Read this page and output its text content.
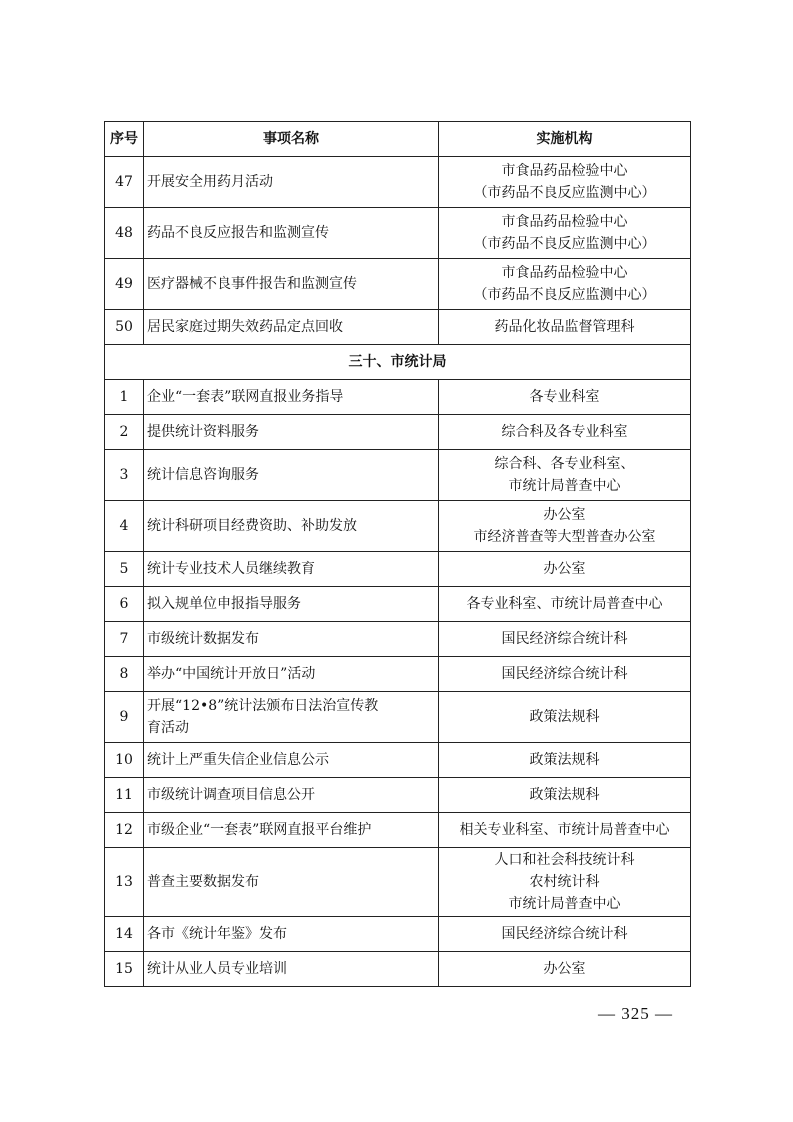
序号	事项名称	实施机构
47	开展安全用药月活动	市食品药品检验中心
（市药品不良反应监测中心）

48	药品不良反应报告和监测宣传	市食品药品检验中心
（市药品不良反应监测中心）

49	医疗器械不良事件报告和监测宣传	市食品药品检验中心
（市药品不良反应监测中心）

50	居民家庭过期失效药品定点回收	药品化妆品监督管理科

三十、市统计局		
1	企业“一套表”联网直报业务指导	各专业科室

2	提供统计资料服务	综合科及各专业科室

3	统计信息咨询服务	综合科、各专业科室、
市统计局普查中心

4	统计科研项目经费资助、补助发放	办公室
市经济普查等大型普查办公室

5	统计专业技术人员继续教育	办公室

6	拟入规单位申报指导服务	各专业科室、市统计局普查中心

7	市级统计数据发布	国民经济综合统计科

8	举办“中国统计开放日”活动	国民经济综合统计科

9	开展“12•8”统计法颁布日法治宣传教
育活动	政策法规科

10	统计上严重失信企业信息公示	政策法规科

11	市级统计调查项目信息公开	政策法规科

12	市级企业“一套表”联网直报平台维护	相关专业科室、市统计局普查中心

13	普查主要数据发布	人口和社会科技统计科
农村统计科
市统计局普查中心

14	各市《统计年鉴》发布	国民经济综合统计科

15	统计从业人员专业培训	办公室
— 325 —
